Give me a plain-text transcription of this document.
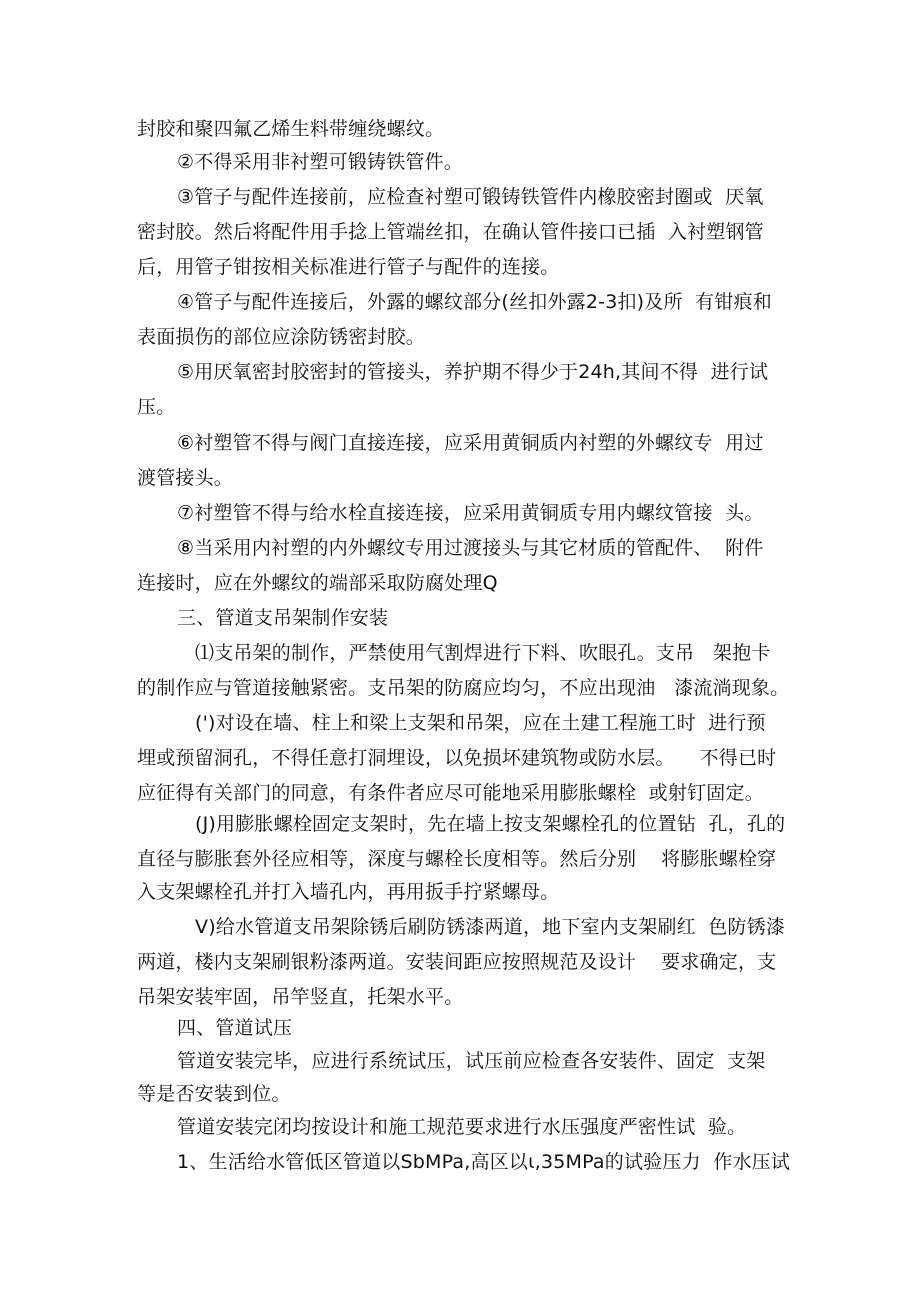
封胶和聚四氟乙烯生料带缠绕螺纹。
②不得采用非衬塑可锻铸铁管件。
③管子与配件连接前，应检查衬塑可锻铸铁管件内橡胶密封圈或  厌氧
密封胶。然后将配件用手捻上管端丝扣，在确认管件接口已插  入衬塑钢管
后，用管子钳按相关标准进行管子与配件的连接。
④管子与配件连接后，外露的螺纹部分(丝扣外露2-3扣)及所  有钳痕和
表面损伤的部位应涂防锈密封胶。
⑤用厌氧密封胶密封的管接头，养护期不得少于24h,其间不得  进行试
压。
⑥衬塑管不得与阀门直接连接，应采用黄铜质内衬塑的外螺纹专  用过
渡管接头。
⑦衬塑管不得与给水栓直接连接，应采用黄铜质专用内螺纹管接  头。
⑧当采用内衬塑的内外螺纹专用过渡接头与其它材质的管配件、  附件
连接时，应在外螺纹的端部采取防腐处理Q
三、管道支吊架制作安装
⑴支吊架的制作，严禁使用气割焊进行下料、吹眼孔。支吊   架抱卡
的制作应与管道接触紧密。支吊架的防腐应均匀，不应出现油   漆流淌现象。
(')对设在墙、柱上和梁上支架和吊架，应在土建工程施工时  进行预
埋或预留洞孔，不得任意打洞埋设，以免损坏建筑物或防水层。    不得已时
应征得有关部门的同意，有条件者应尽可能地采用膨胀螺栓  或射钉固定。
(J)用膨胀螺栓固定支架时，先在墙上按支架螺栓孔的位置钻  孔，孔的
直径与膨胀套外径应相等，深度与螺栓长度相等。然后分别    将膨胀螺栓穿
入支架螺栓孔并打入墙孔内，再用扳手拧紧螺母。
V)给水管道支吊架除锈后刷防锈漆两道，地下室内支架刷红  色防锈漆
两道，楼内支架刷银粉漆两道。安装间距应按照规范及设计    要求确定，支
吊架安装牢固，吊竿竖直，托架水平。
四、管道试压
管道安装完毕，应进行系统试压，试压前应检查各安装件、固定  支架
等是否安装到位。
管道安装完闭均按设计和施工规范要求进行水压强度严密性试  验。
1、生活给水管低区管道以SbMPa,高区以ι,35MPa的试验压力  作水压试
